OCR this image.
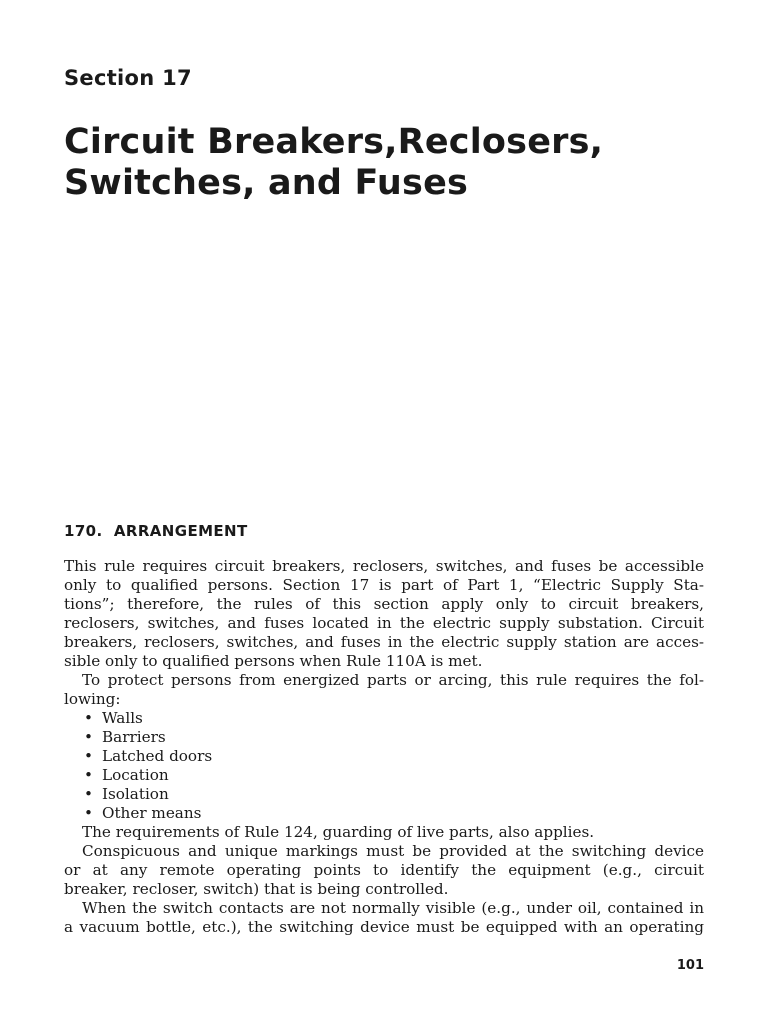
Section 17
Circuit Breakers,Reclosers,
Switches, and Fuses
170.  ARRANGEMENT
This rule requires circuit breakers, reclosers, switches, and fuses be accessible
only to qualified persons. Section 17 is part of Part 1, “Electric Supply Sta-
tions”; therefore, the rules of this section apply only to circuit breakers,
reclosers, switches, and fuses located in the electric supply substation. Circuit
breakers, reclosers, switches, and fuses in the electric supply station are acces-
sible only to qualified persons when Rule 110A is met.
To protect persons from energized parts or arcing, this rule requires the fol-
lowing:
• Walls
• Barriers
• Latched doors
• Location
• Isolation
• Other means
The requirements of Rule 124, guarding of live parts, also applies.
Conspicuous and unique markings must be provided at the switching device
or at any remote operating points to identify the equipment (e.g., circuit
breaker, recloser, switch) that is being controlled.
When the switch contacts are not normally visible (e.g., under oil, contained in
a vacuum bottle, etc.), the switching device must be equipped with an operating
101
